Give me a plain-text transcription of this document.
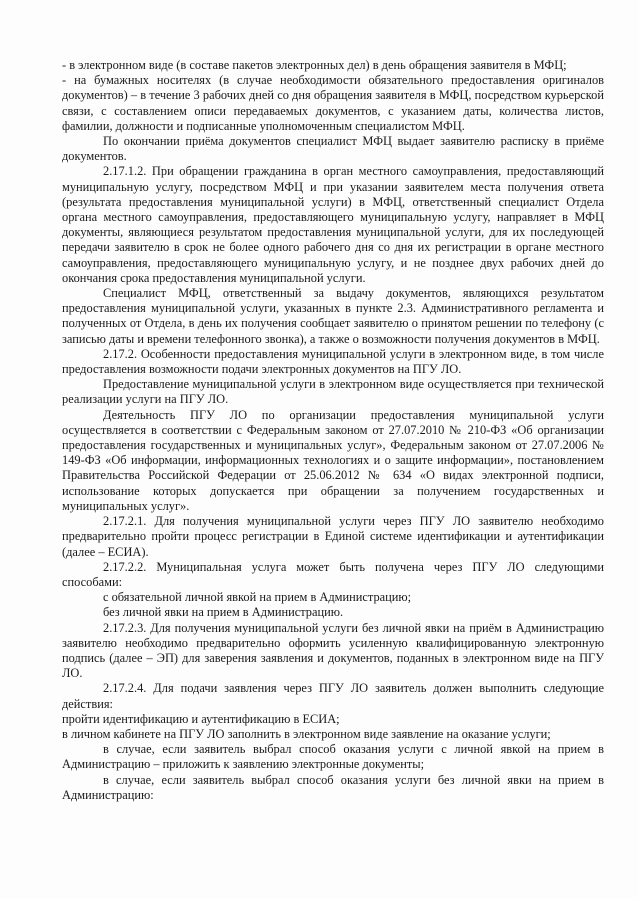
- в электронном виде (в составе пакетов электронных дел) в день обращения заявителя в МФЦ;

- на бумажных носителях (в случае необходимости обязательного предоставления оригиналов документов) – в течение 3 рабочих дней со дня обращения заявителя в МФЦ, посредством курьерской связи, с составлением описи передаваемых документов, с указанием даты, количества листов, фамилии, должности и подписанные уполномоченным специалистом МФЦ.

По окончании приёма документов специалист МФЦ выдает заявителю расписку в приёме документов.

2.17.1.2. При обращении гражданина в орган местного самоуправления, предоставляющий муниципальную услугу, посредством МФЦ и при указании заявителем места получения ответа (результата предоставления муниципальной услуги) в МФЦ, ответственный специалист Отдела органа местного самоуправления, предоставляющего муниципальную услугу, направляет в МФЦ документы, являющиеся результатом предоставления муниципальной услуги, для их последующей передачи заявителю в срок не более одного рабочего дня со дня их регистрации в органе местного самоуправления, предоставляющего муниципальную услугу, и не позднее двух рабочих дней до окончания срока предоставления муниципальной услуги.

Специалист МФЦ, ответственный за выдачу документов, являющихся результатом предоставления муниципальной услуги, указанных в пункте 2.3. Административного регламента и полученных от Отдела, в день их получения сообщает заявителю о принятом решении по телефону (с записью даты и времени телефонного звонка), а также о возможности получения документов в МФЦ.

2.17.2. Особенности предоставления муниципальной услуги в электронном виде, в том числе предоставления возможности подачи электронных документов на ПГУ ЛО.

Предоставление муниципальной услуги в электронном виде осуществляется при технической реализации услуги на ПГУ ЛО.

Деятельность ПГУ ЛО по организации предоставления муниципальной услуги осуществляется в соответствии с Федеральным законом от 27.07.2010 № 210-ФЗ «Об организации предоставления государственных и муниципальных услуг», Федеральным законом от 27.07.2006 № 149-ФЗ «Об информации, информационных технологиях и о защите информации», постановлением Правительства Российской Федерации от 25.06.2012 № 634 «О видах электронной подписи, использование которых допускается при обращении за получением государственных и муниципальных услуг».

2.17.2.1. Для получения муниципальной услуги через ПГУ ЛО заявителю необходимо предварительно пройти процесс регистрации в Единой системе идентификации и аутентификации (далее – ЕСИА).

2.17.2.2. Муниципальная услуга может быть получена через ПГУ ЛО следующими способами:

с обязательной личной явкой на прием в Администрацию;

без личной явки на прием в Администрацию.

2.17.2.3. Для получения муниципальной услуги без личной явки на приём в Администрацию заявителю необходимо предварительно оформить усиленную квалифицированную электронную подпись (далее – ЭП) для заверения заявления и документов, поданных в электронном виде на ПГУ ЛО.

2.17.2.4. Для подачи заявления через ПГУ ЛО заявитель должен выполнить следующие действия:

пройти идентификацию и аутентификацию в ЕСИА;

в личном кабинете на ПГУ ЛО заполнить в электронном виде заявление на оказание услуги;

в случае, если заявитель выбрал способ оказания услуги с личной явкой на прием в Администрацию – приложить к заявлению электронные документы;

в случае, если заявитель выбрал способ оказания услуги без личной явки на прием в Администрацию:
